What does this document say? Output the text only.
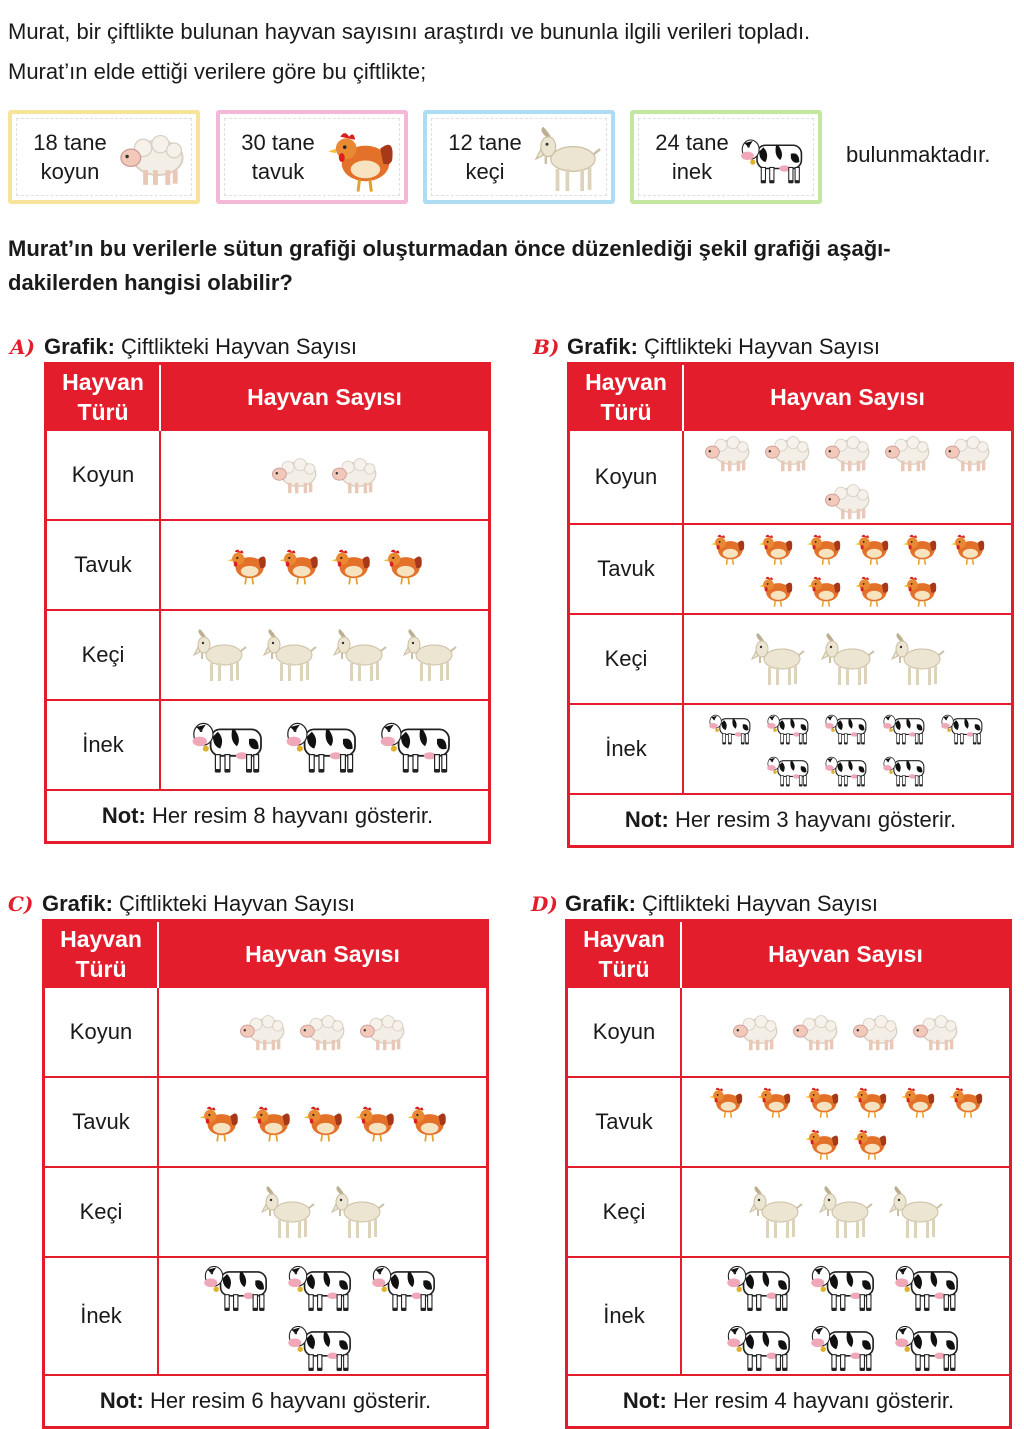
Murat, bir çiftlikte bulunan hayvan sayısını araştırdı ve bununla ilgili verileri topladı.

Murat’ın elde ettiği verilere göre bu çiftlikte;

18 tane
koyun
30 tane
tavuk
12 tane
keçi
24 tane
inek
bulunmaktadır.

Murat’ın bu verilerle sütun grafiği oluşturmadan önce düzenlediği şekil grafiği aşağı-

dakilerden hangisi olabilir?

A) Grafik: Çiftlikteki Hayvan Sayısı
Hayvan Türü	Hayvan Sayısı
Koyun	

Tavuk	

Keçi	

İnek	

Not: Her resim 8 hayvanı gösterir.	
B) Grafik: Çiftlikteki Hayvan Sayısı
Hayvan Türü	Hayvan Sayısı
Koyun	

Tavuk	

Keçi	

İnek	

Not: Her resim 3 hayvanı gösterir.	
C) Grafik: Çiftlikteki Hayvan Sayısı
Hayvan Türü	Hayvan Sayısı
Koyun	

Tavuk	

Keçi	

İnek	

Not: Her resim 6 hayvanı gösterir.	
D) Grafik: Çiftlikteki Hayvan Sayısı
Hayvan Türü	Hayvan Sayısı
Koyun	

Tavuk	

Keçi	

İnek	

Not: Her resim 4 hayvanı gösterir.	
